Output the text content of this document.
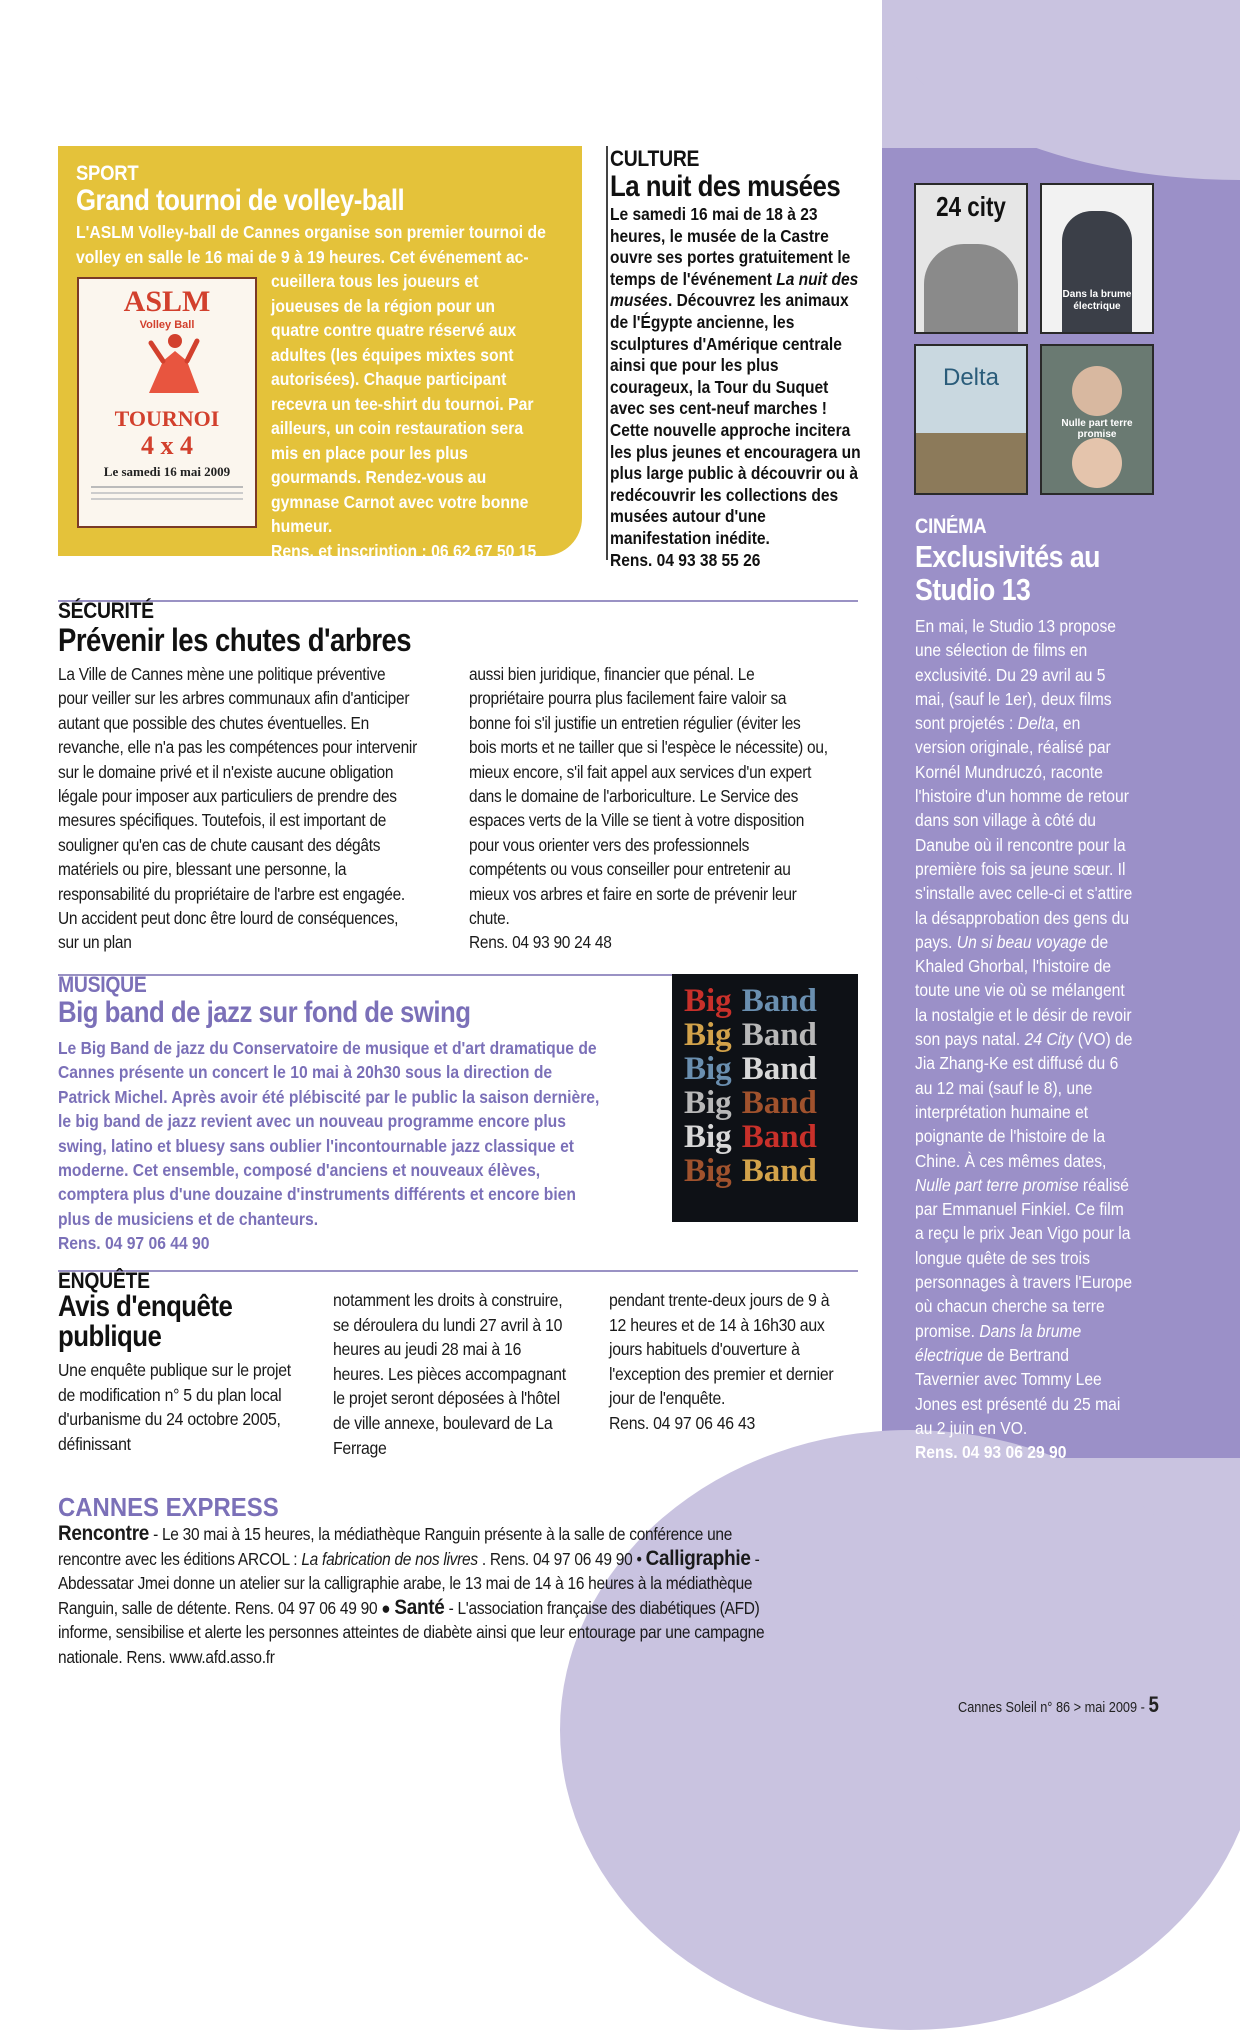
SPORT
Grand tournoi de volley-ball
L'ASLM Volley-ball de Cannes organise son premier tournoi de volley en salle le 16 mai de 9 à 19 heures. Cet événement ac-
ASLM
Volley Ball
TOURNOI
4 x 4
Le samedi 16 mai 2009
cueillera tous les joueurs et joueuses de la région pour un quatre contre quatre réservé aux adultes (les équipes mixtes sont autorisées). Chaque participant recevra un tee-shirt du tournoi. Par ailleurs, un coin restauration sera mis en place pour les plus gourmands. Rendez-vous au gymnase Carnot avec votre bonne humeur.
Rens. et inscription : 06 62 67 50 15
http://aslm.volley.free.fr
CULTURE
La nuit des musées
Le samedi 16 mai de 18 à 23 heures, le musée de la Castre ouvre ses portes gratuitement le temps de l'événement La nuit des musées. Découvrez les animaux de l'Égypte ancienne, les sculptures d'Amérique centrale ainsi que pour les plus courageux, la Tour du Suquet avec ses cent-neuf marches ! Cette nouvelle approche incitera les plus jeunes et encouragera un plus large public à découvrir ou à redécouvrir les collections des musées autour d'une manifestation inédite.
Rens. 04 93 38 55 26
SÉCURITÉ
Prévenir les chutes d'arbres
La Ville de Cannes mène une politique préventive pour veiller sur les arbres communaux afin d'anticiper autant que possible des chutes éventuelles. En revanche, elle n'a pas les compétences pour intervenir sur le domaine privé et il n'existe aucune obligation légale pour imposer aux particuliers de prendre des mesures spécifiques. Toutefois, il est important de souligner qu'en cas de chute causant des dégâts matériels ou pire, blessant une personne, la responsabilité du propriétaire de l'arbre est engagée. Un accident peut donc être lourd de conséquences, sur un plan
aussi bien juridique, financier que pénal. Le propriétaire pourra plus facilement faire valoir sa bonne foi s'il justifie un entretien régulier (éviter les bois morts et ne tailler que si l'espèce le nécessite) ou, mieux encore, s'il fait appel aux services d'un expert dans le domaine de l'arboriculture. Le Service des espaces verts de la Ville se tient à votre disposition pour vous orienter vers des professionnels compétents ou vous conseiller pour entretenir au mieux vos arbres et faire en sorte de prévenir leur chute.
Rens. 04 93 90 24 48
MUSIQUE
Big band de jazz sur fond de swing
Le Big Band de jazz du Conservatoire de musique et d'art dramatique de Cannes présente un concert le 10 mai à 20h30 sous la direction de Patrick Michel. Après avoir été plébiscité par le public la saison dernière, le big band de jazz revient avec un nouveau programme encore plus swing, latino et bluesy sans oublier l'incontournable jazz classique et moderne. Cet ensemble, composé d'anciens et nouveaux élèves, comptera plus d'une douzaine d'instruments différents et encore bien plus de musiciens et de chanteurs.
Rens. 04 97 06 44 90
Big Band
Big Band
Big Band
Big Band
Big Band
Big Band
ENQUÊTE
Avis d'enquête publique
Une enquête publique sur le projet de modification n° 5 du plan local d'urbanisme du 24 octobre 2005, définissant
notamment les droits à construire, se déroulera du lundi 27 avril à 10 heures au jeudi 28 mai à 16 heures. Les pièces accompagnant le projet seront déposées à l'hôtel de ville annexe, boulevard de La Ferrage
pendant trente-deux jours de 9 à 12 heures et de 14 à 16h30 aux jours habituels d'ouverture à l'exception des premier et dernier jour de l'enquête.
Rens. 04 97 06 46 43
CANNES EXPRESS
Rencontre - Le 30 mai à 15 heures, la médiathèque Ranguin présente à la salle de conférence une rencontre avec les éditions ARCOL : La fabrication de nos livres . Rens. 04 97 06 49 90 • Calligraphie - Abdessatar Jmei donne un atelier sur la calligraphie arabe, le 13 mai de 14 à 16 heures à la médiathèque Ranguin, salle de détente. Rens. 04 97 06 49 90 ● Santé - L'association française des diabétiques (AFD) informe, sensibilise et alerte les personnes atteintes de diabète ainsi que leur entourage par une campagne nationale. Rens. www.afd.asso.fr
24 city
Dans la brume électrique
Delta
Nulle part terre promise
CINÉMA
Exclusivités au Studio 13
En mai, le Studio 13 propose une sélection de films en exclusivité. Du 29 avril au 5 mai, (sauf le 1er), deux films sont projetés : Delta, en version originale, réalisé par Kornél Mundruczó, raconte l'histoire d'un homme de retour dans son village à côté du Danube où il rencontre pour la première fois sa jeune sœur. Il s'installe avec celle-ci et s'attire la désapprobation des gens du pays. Un si beau voyage de Khaled Ghorbal, l'histoire de toute une vie où se mélangent la nostalgie et le désir de revoir son pays natal. 24 City (VO) de Jia Zhang-Ke est diffusé du 6 au 12 mai (sauf le 8), une interprétation humaine et poignante de l'histoire de la Chine. À ces mêmes dates, Nulle part terre promise réalisé par Emmanuel Finkiel. Ce film a reçu le prix Jean Vigo pour la longue quête de ses trois personnages à travers l'Europe où chacun cherche sa terre promise. Dans la brume électrique de Bertrand Tavernier avec Tommy Lee Jones est présenté du 25 mai au 2 juin en VO.
Rens. 04 93 06 29 90
Cannes Soleil n° 86 > mai 2009 - 5
